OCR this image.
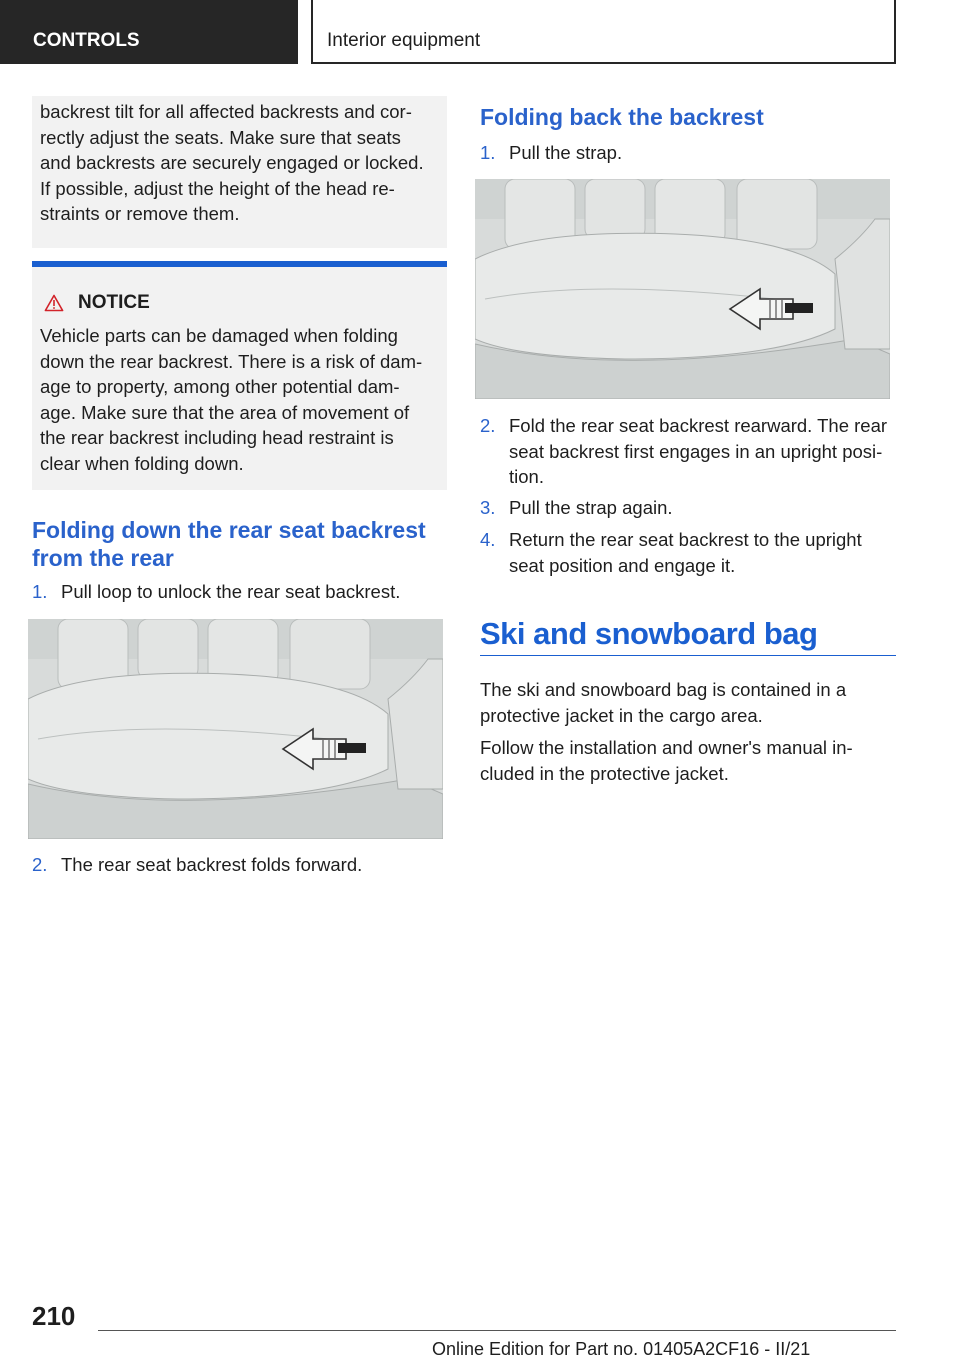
CONTROLS	Interior equipment

backrest tilt for all affected backrests and cor-
rectly adjust the seats. Make sure that seats
and backrests are securely engaged or locked.
If possible, adjust the height of the head re-
straints or remove them.

NOTICE

Vehicle parts can be damaged when folding

down the rear backrest. There is a risk of dam-

age to property, among other potential dam-

age. Make sure that the area of movement of

the rear backrest including head restraint is

clear when folding down.

Folding down the rear seat backrest
from the rear
1. Pull loop to unlock the rear seat backrest.
2. The rear seat backrest folds forward.
Folding back the backrest
1. Pull the strap.
2. Fold the rear seat backrest rearward. The rear
seat backrest first engages in an upright posi-
tion.
3. Pull the strap again.
4. Return the rear seat backrest to the upright
seat position and engage it.
Ski and snowboard bag

The ski and snowboard bag is contained in a

protective jacket in the cargo area.

Follow the installation and owner's manual in-

cluded in the protective jacket.

210
Online Edition for Part no. 01405A2CF16 - II/21
